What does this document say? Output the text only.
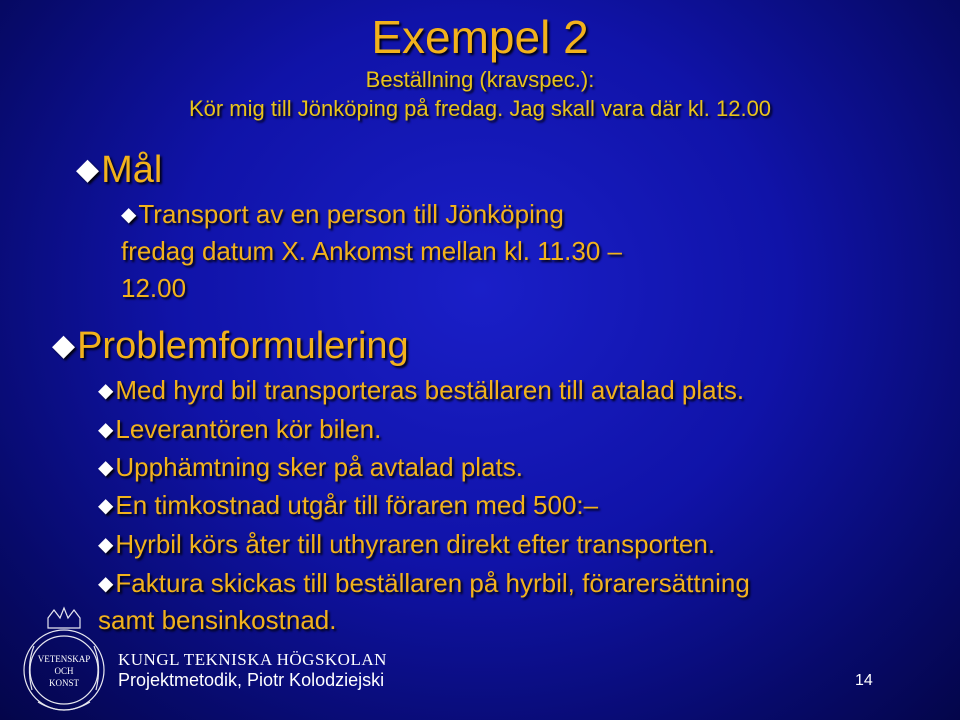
Exempel 2
Beställning (kravspec.):
Kör mig till Jönköping på fredag. Jag skall vara där kl. 12.00
◆Mål
◆Transport av en person till Jönköping
fredag datum X. Ankomst mellan kl. 11.30 –
12.00
◆Problemformulering
◆Med hyrd bil transporteras beställaren till avtalad plats.
◆Leverantören kör bilen.
◆Upphämtning sker på avtalad plats.
◆En timkostnad utgår till föraren med 500:–
◆Hyrbil körs åter till uthyraren direkt efter transporten.
◆Faktura skickas till beställaren på hyrbil, förarersättning
samt bensinkostnad.
VETENSKAP
OCH
KONST
KUNGL TEKNISKA HÖGSKOLAN
Projektmetodik, Piotr Kolodziejski	14
